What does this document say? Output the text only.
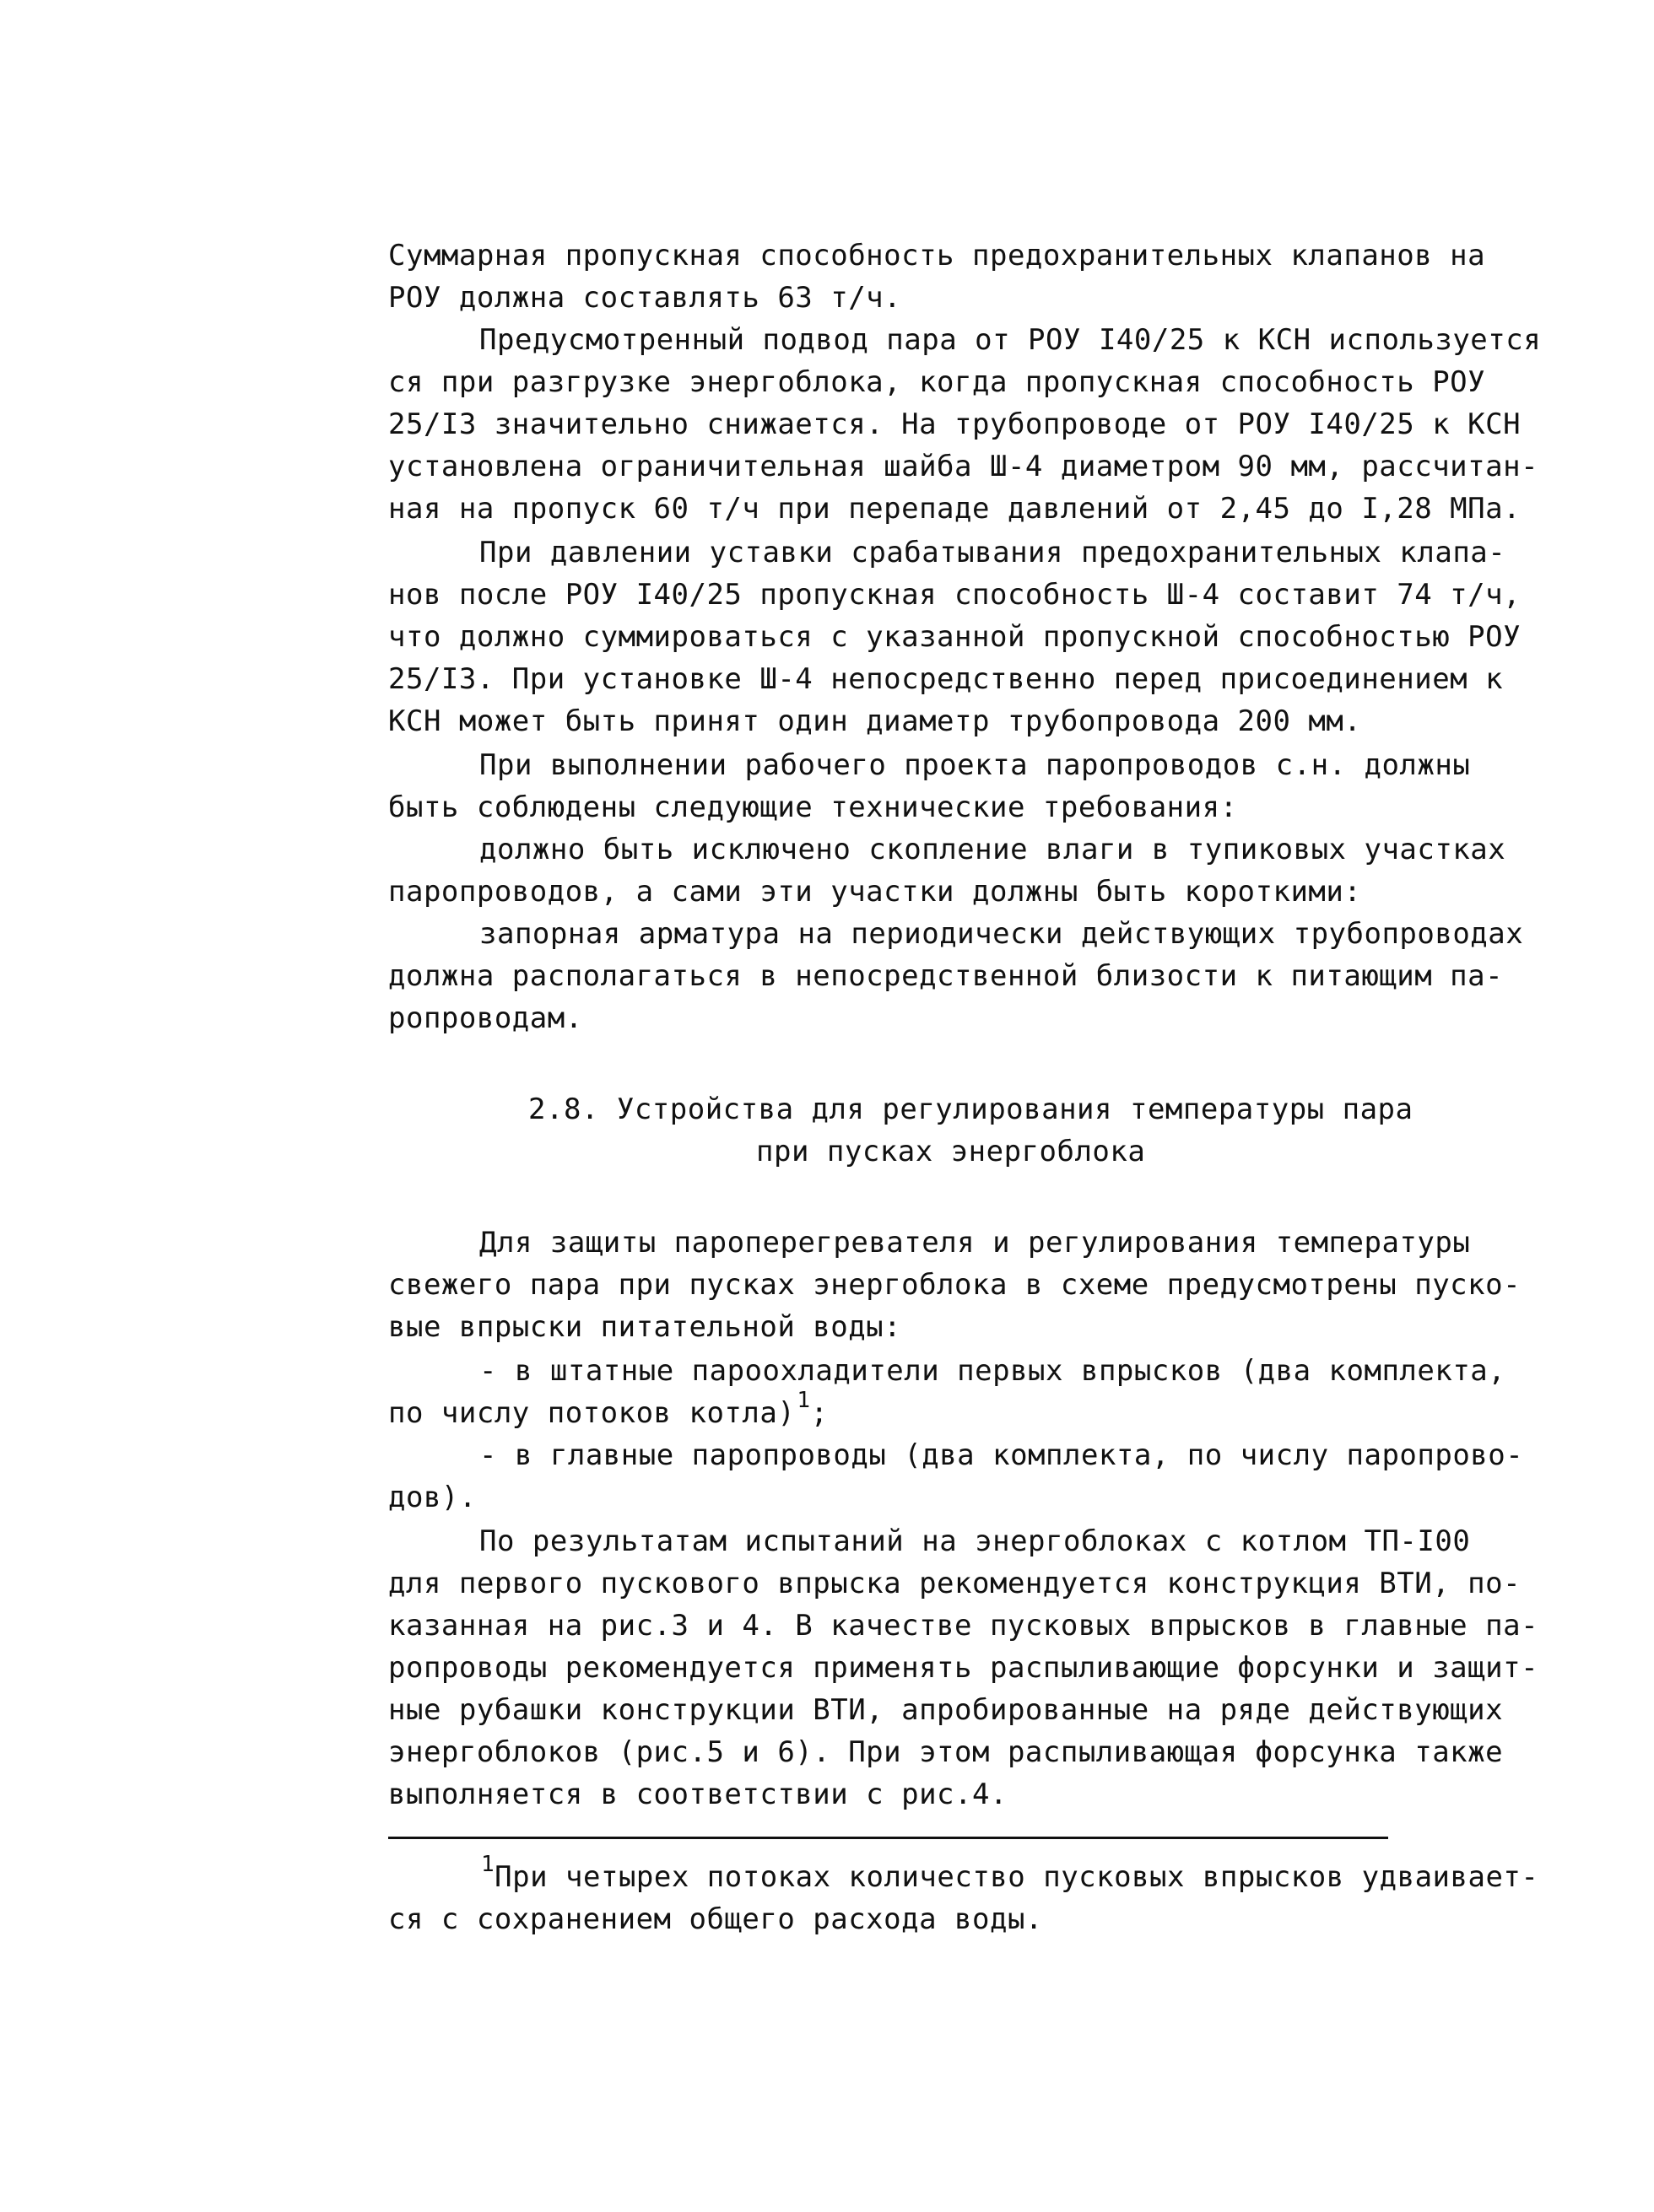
Суммарная пропускная способность предохранительных клапанов на
РОУ должна составлять 63 т/ч.
Предусмотренный подвод пара от РОУ I40/25 к КСН используется
ся при разгрузке энергоблока, когда пропускная способность РОУ
25/I3 значительно снижается. На трубопроводе от РОУ I40/25 к КСН
установлена ограничительная шайба Ш-4 диаметром 90 мм, рассчитан-
ная на пропуск 60 т/ч при перепаде давлений от 2,45 до I,28 МПа.
При давлении уставки срабатывания предохранительных клапа-
нов после РОУ I40/25 пропускная способность Ш-4 составит 74 т/ч,
что должно суммироваться с указанной пропускной способностью РОУ
25/I3. При установке Ш-4 непосредственно перед присоединением к
КСН может быть принят один диаметр трубопровода 200 мм.
При выполнении рабочего проекта паропроводов с.н. должны
быть соблюдены следующие технические требования:
должно быть исключено скопление влаги в тупиковых участках
паропроводов, а сами эти участки должны быть короткими:
запорная арматура на периодически действующих трубопроводах
должна располагаться в непосредственной близости к питающим па-
ропроводам.
2.8. Устройства для регулирования температуры пара
при пусках энергоблока
Для защиты пароперегревателя и регулирования температуры
свежего пара при пусках энергоблока в схеме предусмотрены пуско-
вые впрыски питательной воды:
- в штатные пароохладители первых впрысков (два комплекта,
по числу потоков котла)$^1$;
- в главные паропроводы (два комплекта, по числу паропрово-
дов).
По результатам испытаний на энергоблоках с котлом ТП-I00
для первого пускового впрыска рекомендуется конструкция ВТИ, по-
казанная на рис.3 и 4. В качестве пусковых впрысков в главные па-
ропроводы рекомендуется применять распыливающие форсунки и защит-
ные рубашки конструкции ВТИ, апробированные на ряде действующих
энергоблоков (рис.5 и 6). При этом распыливающая форсунка также
выполняется в соответствии с рис.4.
$^1$При четырех потоках количество пусковых впрысков удваивает-
ся с сохранением общего расхода воды.
